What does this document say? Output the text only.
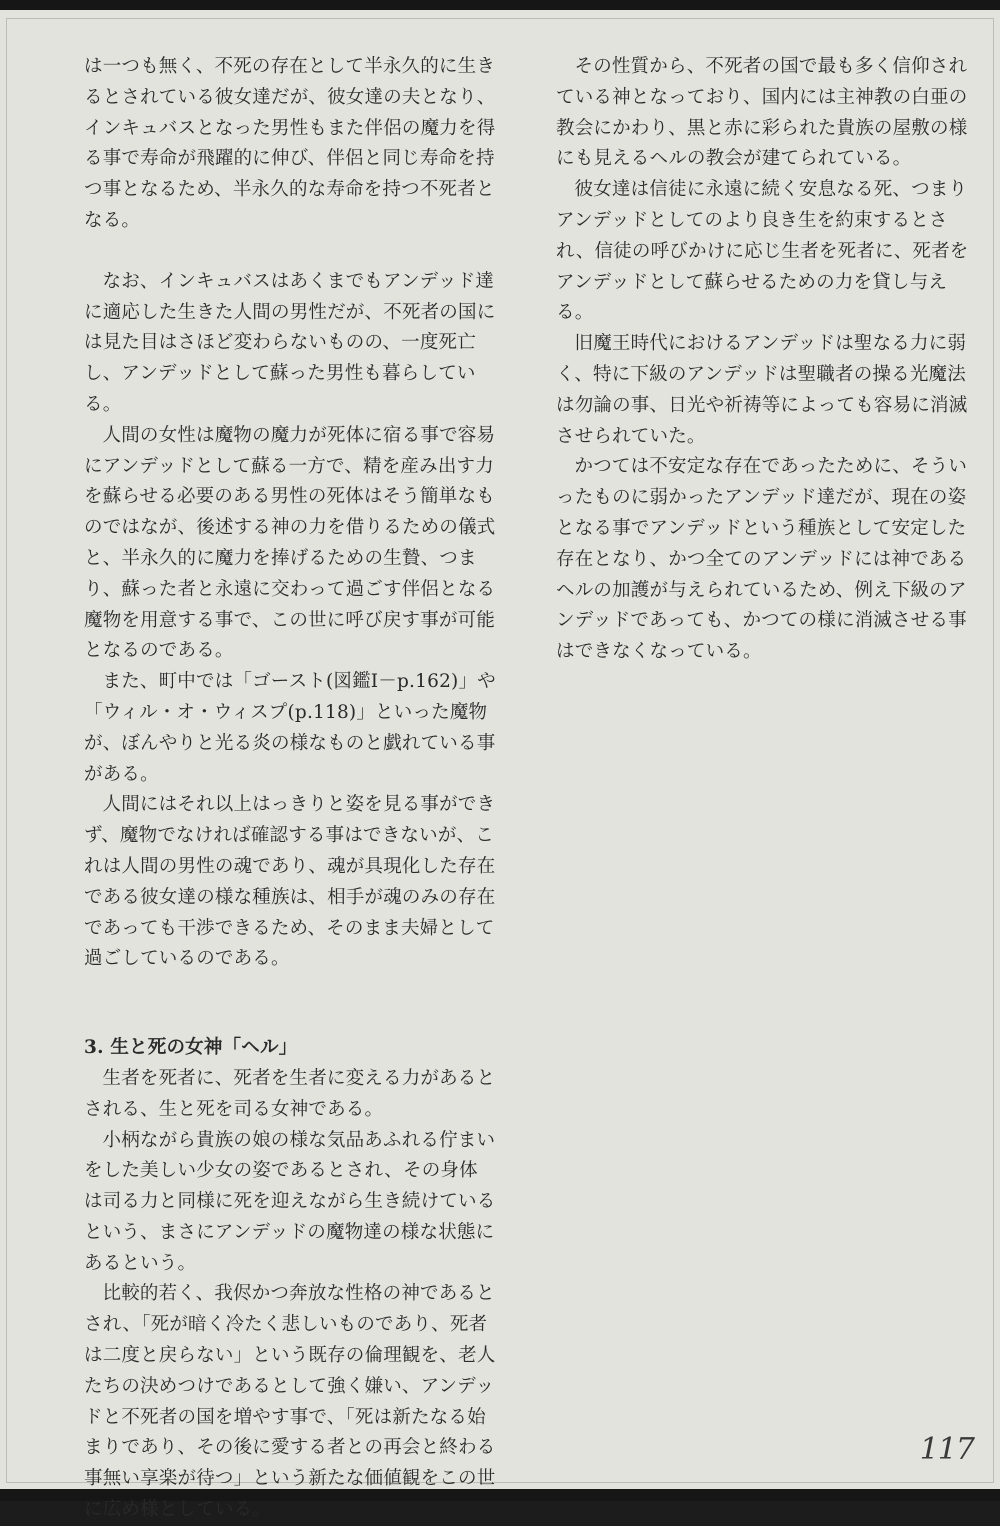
は一つも無く、不死の存在として半永久的に生きるとされている彼女達だが、彼女達の夫となり、インキュバスとなった男性もまた伴侶の魔力を得る事で寿命が飛躍的に伸び、伴侶と同じ寿命を持つ事となるため、半永久的な寿命を持つ不死者となる。

なお、インキュバスはあくまでもアンデッド達に適応した生きた人間の男性だが、不死者の国には見た目はさほど変わらないものの、一度死亡し、アンデッドとして蘇った男性も暮らしている。

人間の女性は魔物の魔力が死体に宿る事で容易にアンデッドとして蘇る一方で、精を産み出す力を蘇らせる必要のある男性の死体はそう簡単なものではなが、後述する神の力を借りるための儀式と、半永久的に魔力を捧げるための生贄、つまり、蘇った者と永遠に交わって過ごす伴侶となる魔物を用意する事で、この世に呼び戻す事が可能となるのである。

また、町中では「ゴースト(図鑑Ⅰ－p.162)」や「ウィル・オ・ウィスプ(p.118)」といった魔物が、ぼんやりと光る炎の様なものと戯れている事がある。

人間にはそれ以上はっきりと姿を見る事ができず、魔物でなければ確認する事はできないが、これは人間の男性の魂であり、魂が具現化した存在である彼女達の様な種族は、相手が魂のみの存在であっても干渉できるため、そのまま夫婦として過ごしているのである。

3. 生と死の女神「ヘル」

生者を死者に、死者を生者に変える力があるとされる、生と死を司る女神である。

小柄ながら貴族の娘の様な気品あふれる佇まいをした美しい少女の姿であるとされ、その身体は司る力と同様に死を迎えながら生き続けているという、まさにアンデッドの魔物達の様な状態にあるという。

比較的若く、我侭かつ奔放な性格の神であるとされ、「死が暗く冷たく悲しいものであり、死者は二度と戻らない」という既存の倫理観を、老人たちの決めつけであるとして強く嫌い、アンデッドと不死者の国を増やす事で、「死は新たなる始まりであり、その後に愛する者との再会と終わる事無い享楽が待つ」という新たな価値観をこの世に広め様としている。

その性質から、不死者の国で最も多く信仰されている神となっており、国内には主神教の白亜の教会にかわり、黒と赤に彩られた貴族の屋敷の様にも見えるヘルの教会が建てられている。

彼女達は信徒に永遠に続く安息なる死、つまりアンデッドとしてのより良き生を約束するとされ、信徒の呼びかけに応じ生者を死者に、死者をアンデッドとして蘇らせるための力を貸し与える。

旧魔王時代におけるアンデッドは聖なる力に弱く、特に下級のアンデッドは聖職者の操る光魔法は勿論の事、日光や祈祷等によっても容易に消滅させられていた。

かつては不安定な存在であったために、そういったものに弱かったアンデッド達だが、現在の姿となる事でアンデッドという種族として安定した存在となり、かつ全てのアンデッドには神であるヘルの加護が与えられているため、例え下級のアンデッドであっても、かつての様に消滅させる事はできなくなっている。

117
